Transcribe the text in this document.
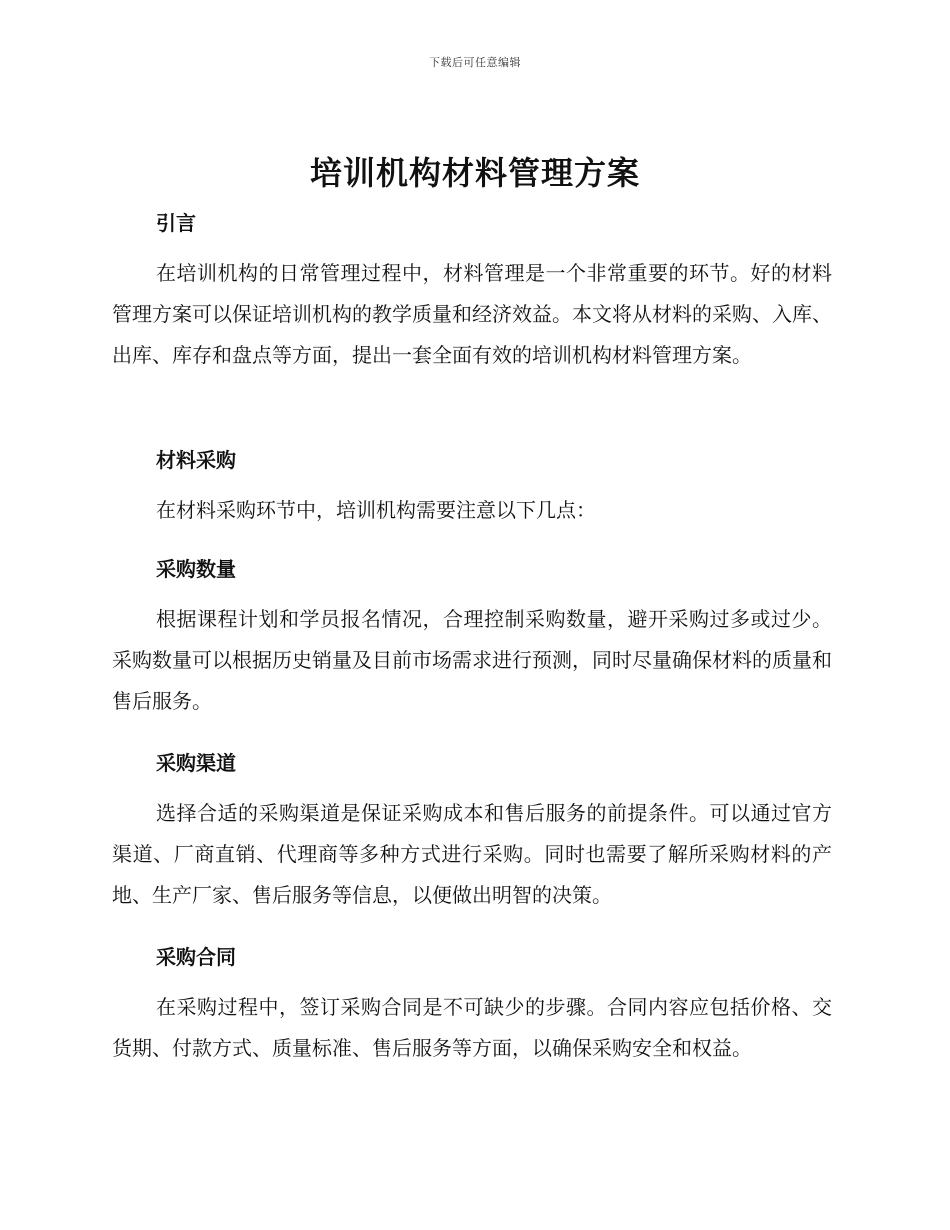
下载后可任意编辑
培训机构材料管理方案
引言

在培训机构的日常管理过程中，材料管理是一个非常重要的环节。好的材料管理方案可以保证培训机构的教学质量和经济效益。本文将从材料的采购、入库、出库、库存和盘点等方面，提出一套全面有效的培训机构材料管理方案。

材料采购

在材料采购环节中，培训机构需要注意以下几点：

采购数量

根据课程计划和学员报名情况，合理控制采购数量，避开采购过多或过少。采购数量可以根据历史销量及目前市场需求进行预测，同时尽量确保材料的质量和售后服务。

采购渠道

选择合适的采购渠道是保证采购成本和售后服务的前提条件。可以通过官方渠道、厂商直销、代理商等多种方式进行采购。同时也需要了解所采购材料的产地、生产厂家、售后服务等信息，以便做出明智的决策。

采购合同

在采购过程中，签订采购合同是不可缺少的步骤。合同内容应包括价格、交货期、付款方式、质量标准、售后服务等方面，以确保采购安全和权益。
